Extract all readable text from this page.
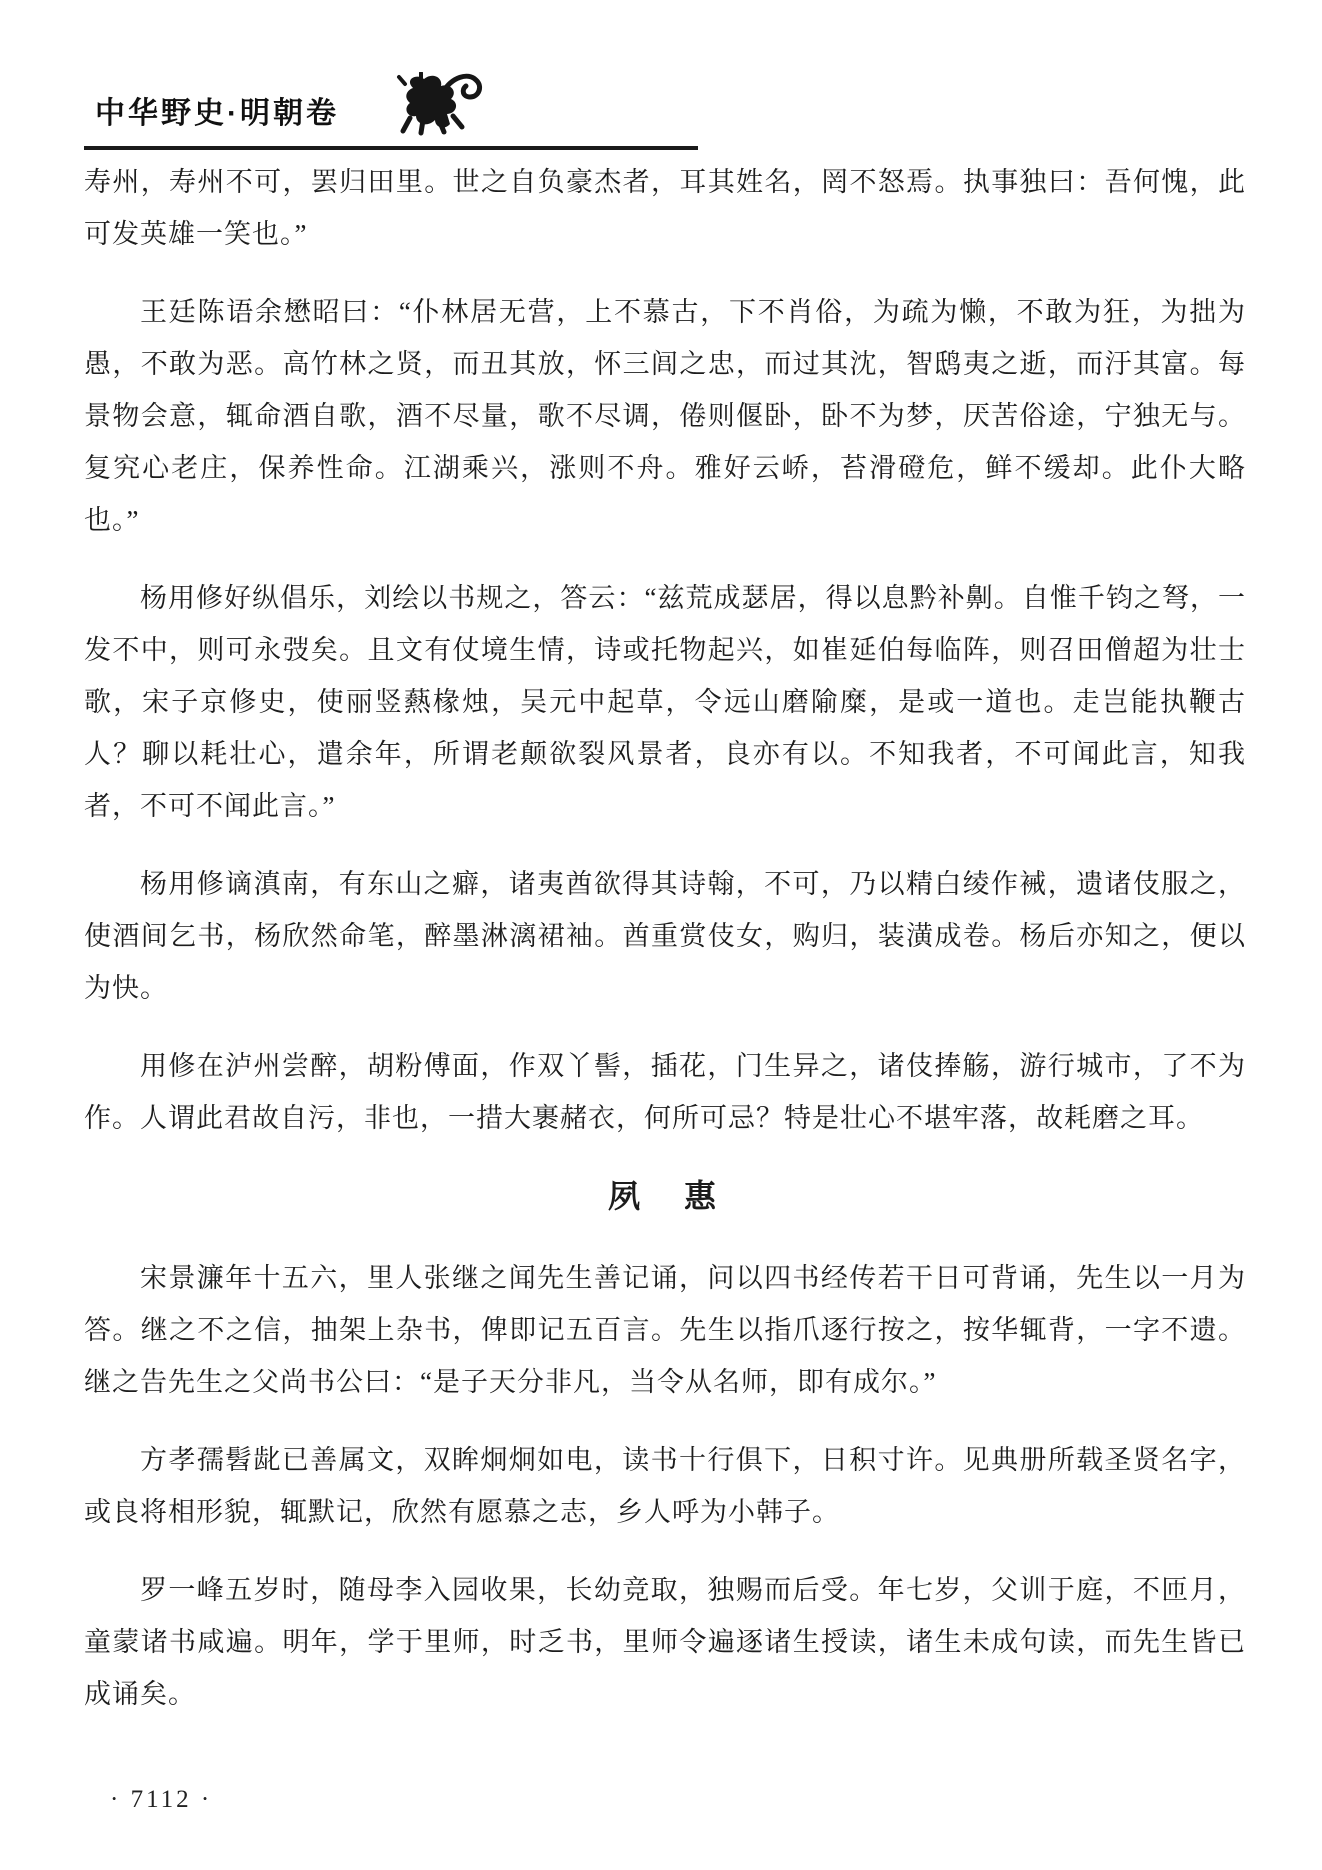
中华野史·明朝卷

寿州，寿州不可，罢归田里。世之自负豪杰者，耳其姓名，罔不怒焉。执事独曰：吾何愧，此可发英雄一笑也。”

王廷陈语余懋昭曰：“仆林居无营，上不慕古，下不肖俗，为疏为懒，不敢为狂，为拙为愚，不敢为恶。高竹林之贤，而丑其放，怀三闾之忠，而过其沈，智鸱夷之逝，而汙其富。每景物会意，辄命酒自歌，酒不尽量，歌不尽调，倦则偃卧，卧不为梦，厌苦俗途，宁独无与。复究心老庄，保养性命。江湖乘兴，涨则不舟。雅好云峤，苔滑磴危，鲜不缓却。此仆大略也。”

杨用修好纵倡乐，刘绘以书规之，答云：“兹荒成瑟居，得以息黔补劓。自惟千钧之弩，一发不中，则可永弢矣。且文有仗境生情，诗或托物起兴，如崔延伯每临阵，则召田僧超为壮士歌，宋子京修史，使丽竖爇椽烛，吴元中起草，令远山磨隃糜，是或一道也。走岂能执鞭古人？聊以耗壮心，遣余年，所谓老颠欲裂风景者，良亦有以。不知我者，不可闻此言，知我者，不可不闻此言。”

杨用修谪滇南，有东山之癖，诸夷酋欲得其诗翰，不可，乃以精白绫作裓，遗诸伎服之，使酒间乞书，杨欣然命笔，醉墨淋漓裙袖。酋重赏伎女，购归，装潢成卷。杨后亦知之，便以为快。

用修在泸州尝醉，胡粉傅面，作双丫髻，插花，门生异之，诸伎捧觞，游行城市，了不为作。人谓此君故自污，非也，一措大裹赭衣，何所可忌？特是壮心不堪牢落，故耗磨之耳。

夙　惠

宋景濂年十五六，里人张继之闻先生善记诵，问以四书经传若干日可背诵，先生以一月为答。继之不之信，抽架上杂书，俾即记五百言。先生以指爪逐行按之，按华辄背，一字不遗。继之告先生之父尚书公曰：“是子天分非凡，当令从名师，即有成尔。”

方孝孺髫龀已善属文，双眸炯炯如电，读书十行俱下，日积寸许。见典册所载圣贤名字，或良将相形貌，辄默记，欣然有愿慕之志，乡人呼为小韩子。

罗一峰五岁时，随母李入园收果，长幼竞取，独赐而后受。年七岁，父训于庭，不匝月，童蒙诸书咸遍。明年，学于里师，时乏书，里师令遍逐诸生授读，诸生未成句读，而先生皆已成诵矣。

· 7112 ·
